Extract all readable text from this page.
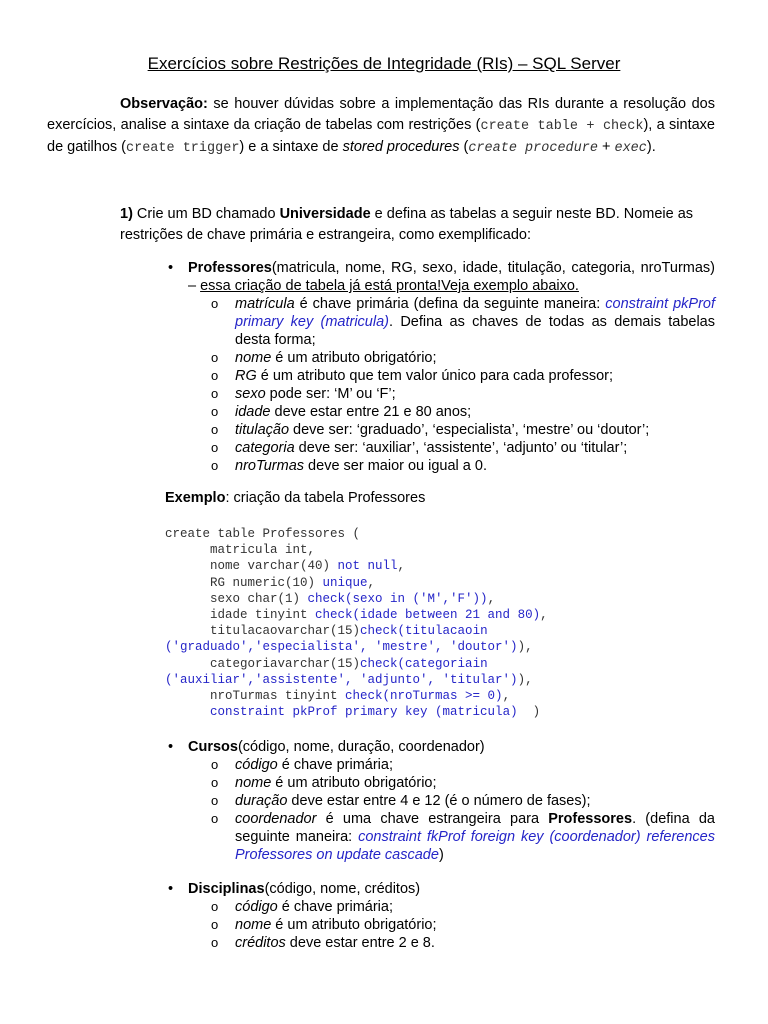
Exercícios sobre Restrições de Integridade (RIs) – SQL Server
Observação: se houver dúvidas sobre a implementação das RIs durante a resolução dos exercícios, analise a sintaxe da criação de tabelas com restrições (create table + check), a sintaxe de gatilhos (create trigger) e a sintaxe de stored procedures (create procedure + exec).
1) Crie um BD chamado Universidade e defina as tabelas a seguir neste BD. Nomeie as restrições de chave primária e estrangeira, como exemplificado:
• Professores(matricula, nome, RG, sexo, idade, titulação, categoria, nroTurmas) – essa criação de tabela já está pronta!Veja exemplo abaixo.
o matrícula é chave primária (defina da seguinte maneira: constraint pkProf primary key (matricula). Defina as chaves de todas as demais tabelas desta forma;
o nome é um atributo obrigatório;
o RG é um atributo que tem valor único para cada professor;
o sexo pode ser: ‘M’ ou ‘F’;
o idade deve estar entre 21 e 80 anos;
o titulação deve ser: ‘graduado’, ‘especialista’, ‘mestre’ ou ‘doutor’;
o categoria deve ser: ‘auxiliar’, ‘assistente’, ‘adjunto’ ou ‘titular’;
o nroTurmas deve ser maior ou igual a 0.
Exemplo: criação da tabela Professores
create table Professores (
matricula int,
nome varchar(40) not null,
RG numeric(10) unique,
sexo char(1) check(sexo in ('M','F')),
idade tinyint check(idade between 21 and 80),
titulacaovarchar(15)check(titulacaoin
('graduado','especialista', 'mestre', 'doutor')),
categoriavarchar(15)check(categoriain
('auxiliar','assistente', 'adjunto', 'titular')),
nroTurmas tinyint check(nroTurmas >= 0),
constraint pkProf primary key (matricula)  )
• Cursos(código, nome, duração, coordenador)
o código é chave primária;
o nome é um atributo obrigatório;
o duração deve estar entre 4 e 12 (é o número de fases);
o coordenador é uma chave estrangeira para Professores. (defina da seguinte maneira: constraint fkProf foreign key (coordenador) references Professores on update cascade)
• Disciplinas(código, nome, créditos)
o código é chave primária;
o nome é um atributo obrigatório;
o créditos deve estar entre 2 e 8.
